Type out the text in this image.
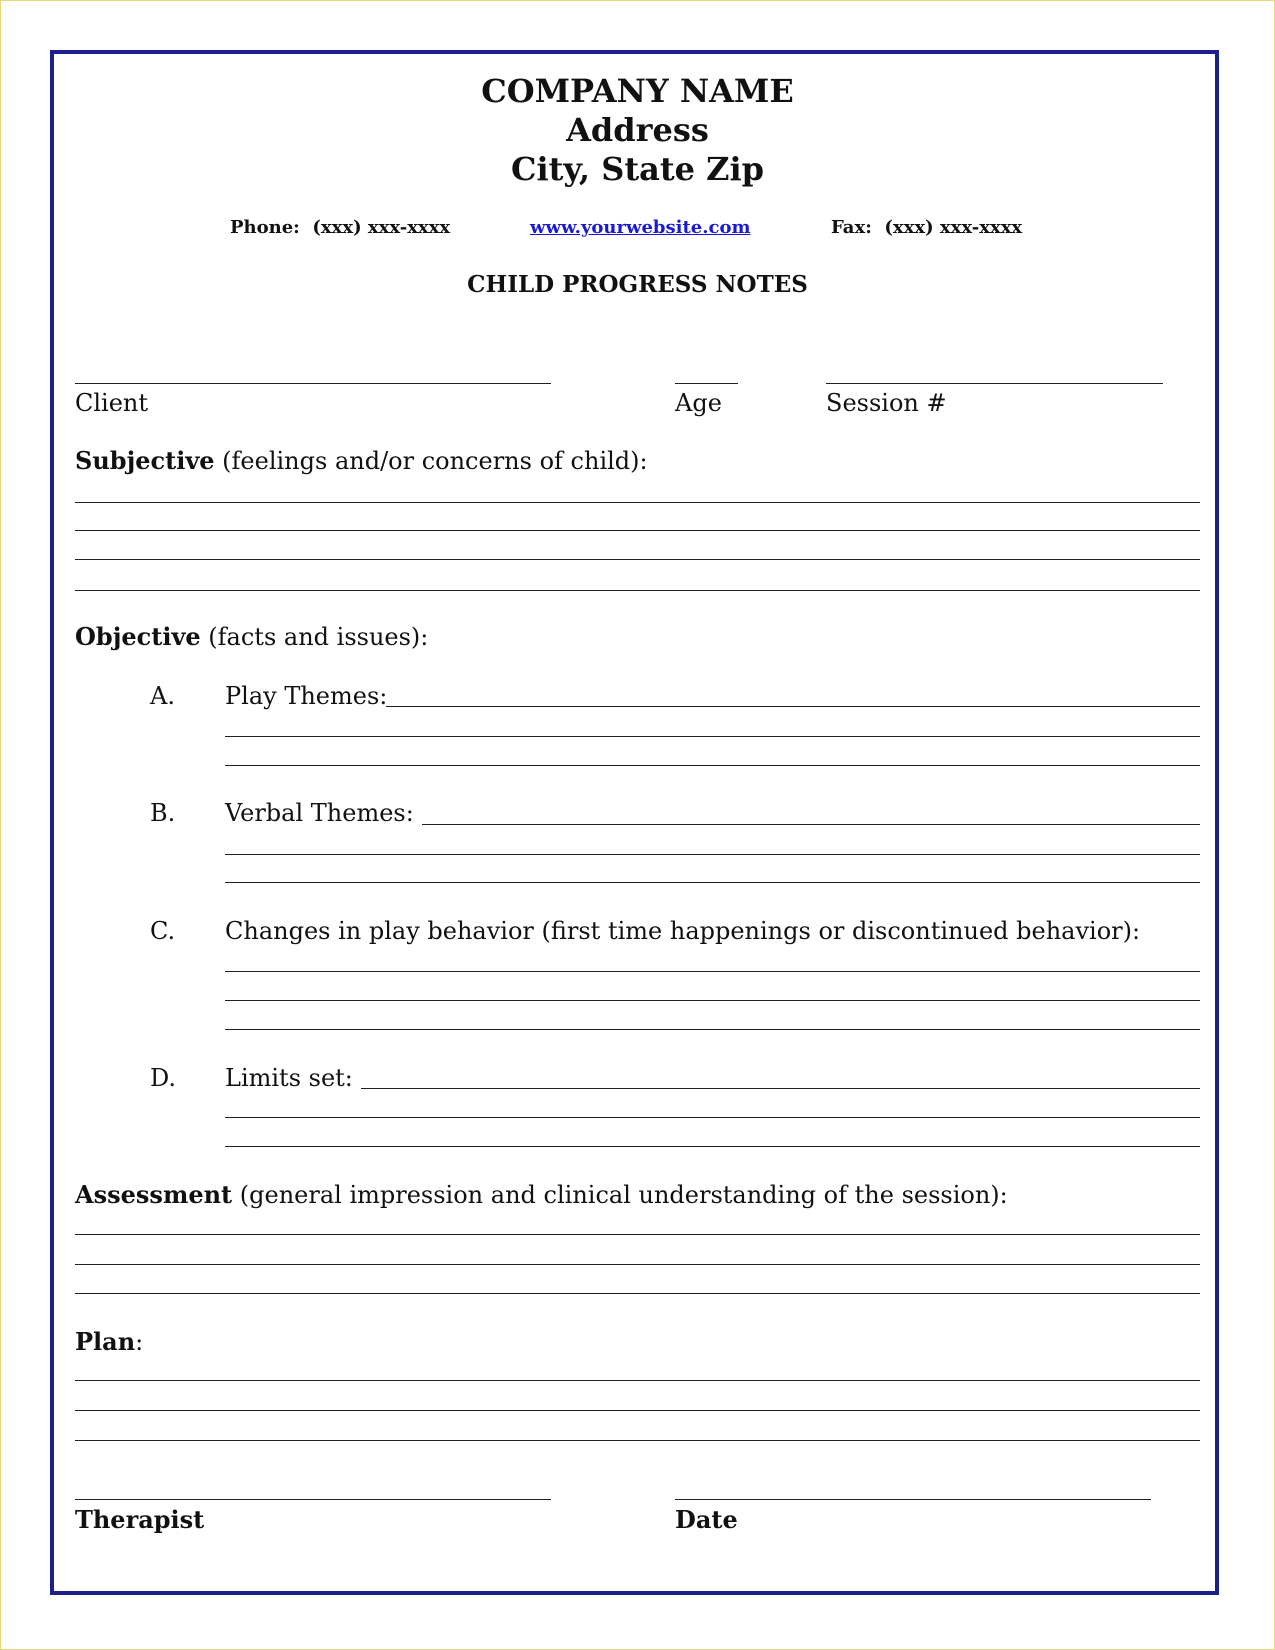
COMPANY NAME
Address
City, State Zip
Phone: (xxx) xxx-xxxx	www.yourwebsite.com	Fax: (xxx) xxx-xxxx
CHILD PROGRESS NOTES
Client	Age	Session #
Subjective (feelings and/or concerns of child):
Objective (facts and issues):
A. Play Themes:
B. Verbal Themes:
C. Changes in play behavior (first time happenings or discontinued behavior):
D. Limits set:
Assessment (general impression and clinical understanding of the session):
Plan:
Therapist	Date
